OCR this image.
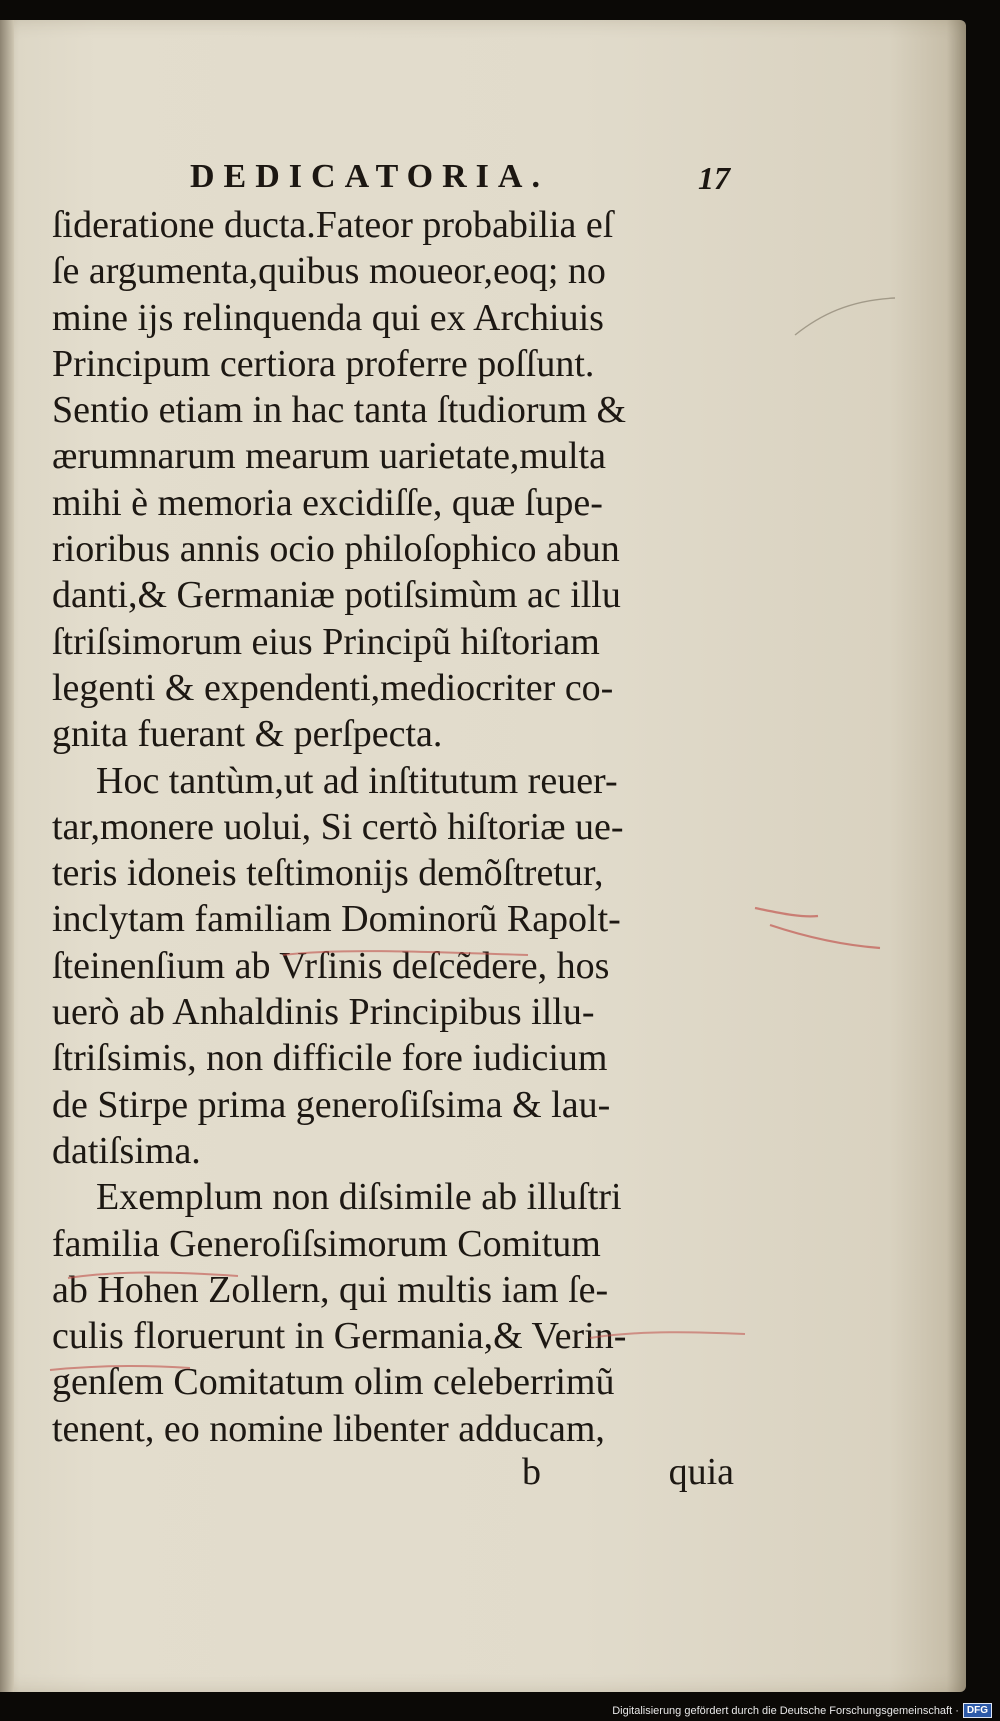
DEDICATORIA.	17
ſideratione ducta.Fateor probabilia eſ
ſe argumenta,quibus moueor,eoq; no
mine ijs relinquenda qui ex Archiuis
Principum certiora proferre poſſunt.
Sentio etiam in hac tanta ſtudiorum &
ærumnarum mearum uarietate,multa
mihi è memoria excidiſſe, quæ ſupe-
rioribus annis ocio philoſophico abun
danti,& Germaniæ potiſsimùm ac illu
ſtriſsimorum eius Principũ hiſtoriam
legenti & expendenti,mediocriter co-
gnita fuerant & perſpecta.
Hoc tantùm,ut ad inſtitutum reuer-
tar,monere uolui, Si certò hiſtoriæ ue-
teris idoneis teſtimonijs demõſtretur,
inclytam familiam Dominorũ Rapolt-
ſteinenſium ab Vrſinis deſcẽdere, hos
uerò ab Anhaldinis Principibus illu-
ſtriſsimis, non difficile fore iudicium
de Stirpe prima generoſiſsima & lau-
datiſsima.
Exemplum non diſsimile ab illuſtri
familia Generoſiſsimorum Comitum
ab Hohen Zollern, qui multis iam ſe-
culis floruerunt in Germania,& Verin-
genſem Comitatum olim celeberrimũ
tenent, eo nomine libenter adducam,
b	quia
Digitalisierung gefördert durch die Deutsche Forschungsgemeinschaft · DFG
